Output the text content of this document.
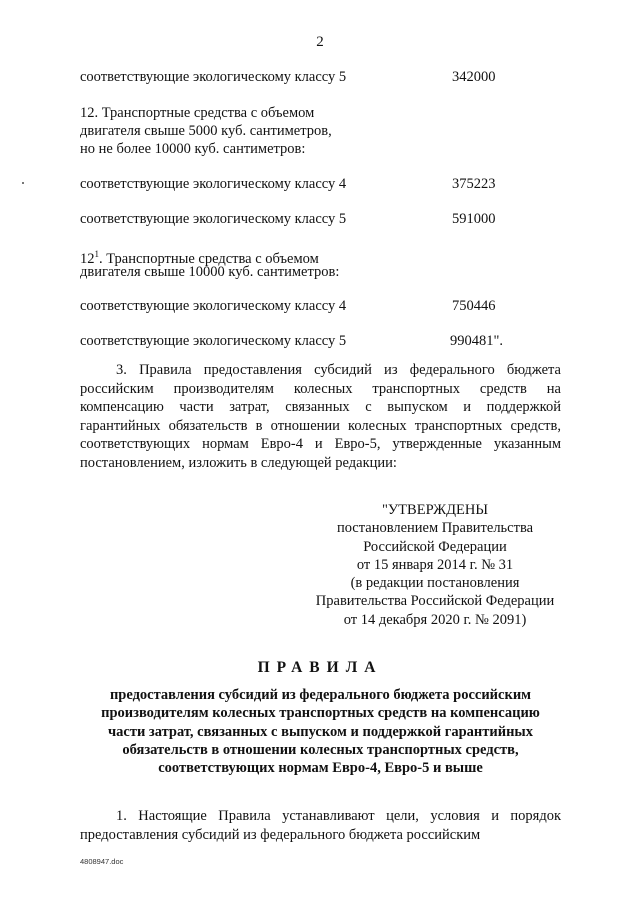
2
соответствующие экологическому классу 5	342000
12. Транспортные средства с объемом
двигателя свыше 5000 куб. сантиметров,
но не более 10000 куб. сантиметров:
соответствующие экологическому классу 4	375223
соответствующие экологическому классу 5	591000
$12^1$. Транспортные средства с объемом
двигателя свыше 10000 куб. сантиметров:
соответствующие экологическому классу 4	750446
соответствующие экологическому классу 5	990481".
3. Правила предоставления субсидий из федерального бюджета российским производителям колесных транспортных средств на компенсацию части затрат, связанных с выпуском и поддержкой гарантийных обязательств в отношении колесных транспортных средств, соответствующих нормам Евро-4 и Евро-5, утвержденные указанным постановлением, изложить в следующей редакции:
"УТВЕРЖДЕНЫ
постановлением Правительства
Российской Федерации
от 15 января 2014 г. № 31
(в редакции постановления
Правительства Российской Федерации
от 14 декабря 2020 г. № 2091)
ПРАВИЛА
предоставления субсидий из федерального бюджета российским
производителям колесных транспортных средств на компенсацию
части затрат, связанных с выпуском и поддержкой гарантийных
обязательств в отношении колесных транспортных средств,
соответствующих нормам Евро-4, Евро-5 и выше
1. Настоящие Правила устанавливают цели, условия и порядок предоставления субсидий из федерального бюджета российским
4808947.doc
